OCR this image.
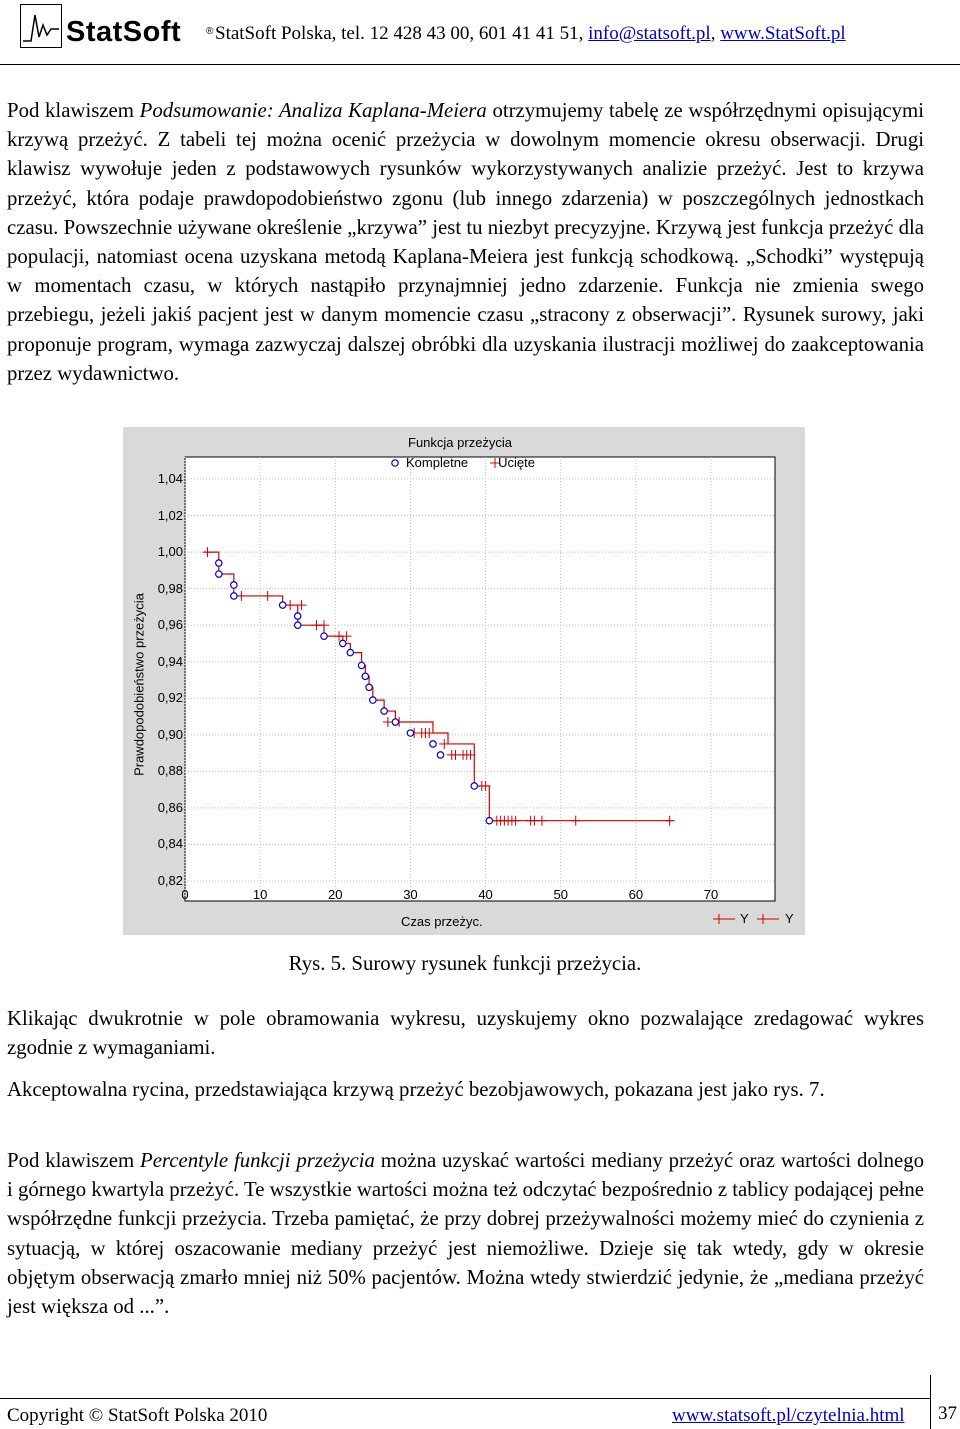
StatSoft ® StatSoft Polska, tel. 12 428 43 00, 601 41 41 51, info@statsoft.pl, www.StatSoft.pl
Pod klawiszem Podsumowanie: Analiza Kaplana-Meiera otrzymujemy tabelę ze współrzędnymi opisującymi krzywą przeżyć. Z tabeli tej można ocenić przeżycia w dowolnym momencie okresu obserwacji. Drugi klawisz wywołuje jeden z podstawowych rysunków wykorzystywanych analizie przeżyć. Jest to krzywa przeżyć, która podaje prawdopodobieństwo zgonu (lub innego zdarzenia) w poszczególnych jednostkach czasu. Powszechnie używane określenie „krzywa” jest tu niezbyt precyzyjne. Krzywą jest funkcja przeżyć dla populacji, natomiast ocena uzyskana metodą Kaplana-Meiera jest funkcją schodkową. „Schodki” występują w momentach czasu, w których nastąpiło przynajmniej jedno zdarzenie. Funkcja nie zmienia swego przebiegu, jeżeli jakiś pacjent jest w danym momencie czasu „stracony z obserwacji”. Rysunek surowy, jaki proponuje program, wymaga zazwyczaj dalszej obróbki dla uzyskania ilustracji możliwej do zaakceptowania przez wydawnictwo.
1,04
1,02
1,00
0,98
0,96
0,94
0,92
0,90
0,88
0,86
0,84
0,82
0	10	20	30	40	50	60	70
Funkcja przeżycia
Kompletne Ucięte
Prawdopodobieństwo przeżycia
Czas przeżyc.	Y	Y
Rys. 5. Surowy rysunek funkcji przeżycia.
Klikając dwukrotnie w pole obramowania wykresu, uzyskujemy okno pozwalające zredagować wykres zgodnie z wymaganiami.
Akceptowalna rycina, przedstawiająca krzywą przeżyć bezobjawowych, pokazana jest jako rys. 7.
Pod klawiszem Percentyle funkcji przeżycia można uzyskać wartości mediany przeżyć oraz wartości dolnego i górnego kwartyla przeżyć. Te wszystkie wartości można też odczytać bezpośrednio z tablicy podającej pełne współrzędne funkcji przeżycia. Trzeba pamiętać, że przy dobrej przeżywalności możemy mieć do czynienia z sytuacją, w której oszacowanie mediany przeżyć jest niemożliwe. Dzieje się tak wtedy, gdy w okresie objętym obserwacją zmarło mniej niż 50% pacjentów. Można wtedy stwierdzić jedynie, że „mediana przeżyć jest większa od ...”.
Copyright © StatSoft Polska 2010	www.statsoft.pl/czytelnia.html 37
